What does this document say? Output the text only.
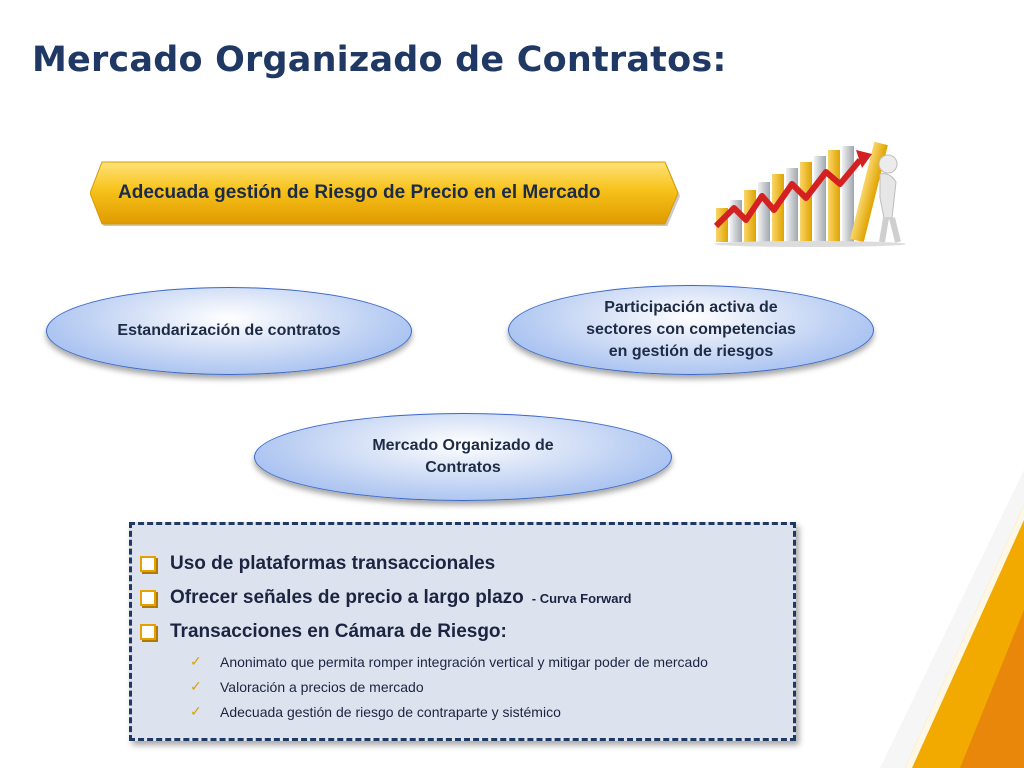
Mercado Organizado de Contratos:
Adecuada gestión de Riesgo de Precio en el Mercado
Estandarización de contratos
Participación activa de
sectores con competencias
en gestión de riesgos
Mercado Organizado de
Contratos
Uso de plataformas transaccionales
Ofrecer señales de precio a largo plazo - Curva Forward
Transacciones en Cámara de Riesgo:
✓ Anonimato que permita romper integración vertical y mitigar poder de mercado
✓ Valoración a precios de mercado
✓ Adecuada gestión de riesgo de contraparte y sistémico
